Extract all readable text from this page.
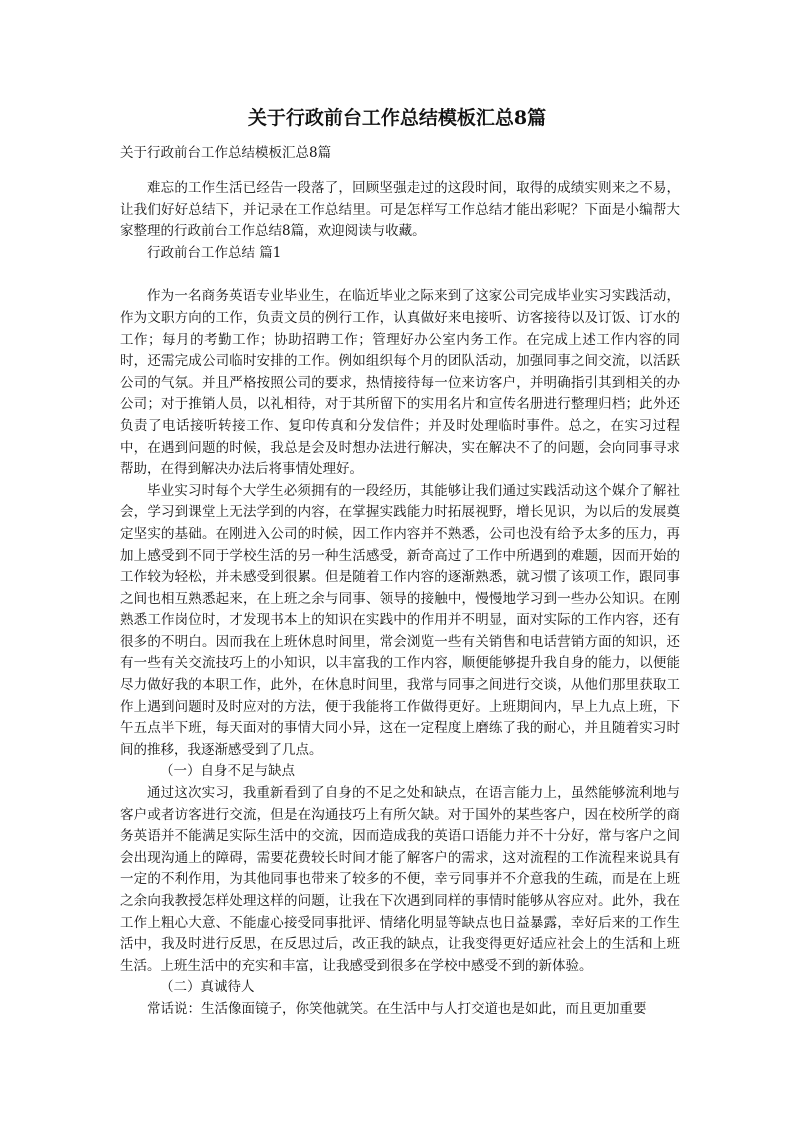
关于行政前台工作总结模板汇总8篇

关于行政前台工作总结模板汇总8篇

难忘的工作生活已经告一段落了，回顾坚强走过的这段时间，取得的成绩实则来之不易，让我们好好总结下，并记录在工作总结里。可是怎样写工作总结才能出彩呢？下面是小编帮大家整理的行政前台工作总结8篇，欢迎阅读与收藏。

行政前台工作总结 篇1

作为一名商务英语专业毕业生，在临近毕业之际来到了这家公司完成毕业实习实践活动，作为文职方向的工作，负责文员的例行工作，认真做好来电接听、访客接待以及订饭、订水的工作；每月的考勤工作；协助招聘工作；管理好办公室内务工作。在完成上述工作内容的同时，还需完成公司临时安排的工作。例如组织每个月的团队活动，加强同事之间交流，以活跃公司的气氛。并且严格按照公司的要求，热情接待每一位来访客户，并明确指引其到相关的办公司；对于推销人员，以礼相待，对于其所留下的实用名片和宣传名册进行整理归档；此外还负责了电话接听转接工作、复印传真和分发信件；并及时处理临时事件。总之，在实习过程中，在遇到问题的时候，我总是会及时想办法进行解决，实在解决不了的问题，会向同事寻求帮助，在得到解决办法后将事情处理好。

毕业实习时每个大学生必须拥有的一段经历，其能够让我们通过实践活动这个媒介了解社会，学习到课堂上无法学到的内容，在掌握实践能力时拓展视野，增长见识，为以后的发展奠定坚实的基础。在刚进入公司的时候，因工作内容并不熟悉，公司也没有给予太多的压力，再加上感受到不同于学校生活的另一种生活感受，新奇高过了工作中所遇到的难题，因而开始的工作较为轻松，并未感受到很累。但是随着工作内容的逐渐熟悉，就习惯了该项工作，跟同事之间也相互熟悉起来，在上班之余与同事、领导的接触中，慢慢地学习到一些办公知识。在刚熟悉工作岗位时，才发现书本上的知识在实践中的作用并不明显，面对实际的工作内容，还有很多的不明白。因而我在上班休息时间里，常会浏览一些有关销售和电话营销方面的知识，还有一些有关交流技巧上的小知识，以丰富我的工作内容，顺便能够提升我自身的能力，以便能尽力做好我的本职工作，此外，在休息时间里，我常与同事之间进行交谈，从他们那里获取工作上遇到问题时及时应对的方法，便于我能将工作做得更好。上班期间内，早上九点上班，下午五点半下班，每天面对的事情大同小异，这在一定程度上磨练了我的耐心，并且随着实习时间的推移，我逐渐感受到了几点。

（一）自身不足与缺点

通过这次实习，我重新看到了自身的不足之处和缺点，在语言能力上，虽然能够流利地与客户或者访客进行交流，但是在沟通技巧上有所欠缺。对于国外的某些客户，因在校所学的商务英语并不能满足实际生活中的交流，因而造成我的英语口语能力并不十分好，常与客户之间会出现沟通上的障碍，需要花费较长时间才能了解客户的需求，这对流程的工作流程来说具有一定的不利作用，为其他同事也带来了较多的不便，幸亏同事并不介意我的生疏，而是在上班之余向我教授怎样处理这样的问题，让我在下次遇到同样的事情时能够从容应对。此外，我在工作上粗心大意、不能虚心接受同事批评、情绪化明显等缺点也日益暴露，幸好后来的工作生活中，我及时进行反思，在反思过后，改正我的缺点，让我变得更好适应社会上的生活和上班生活。上班生活中的充实和丰富，让我感受到很多在学校中感受不到的新体验。

（二）真诚待人

常话说：生活像面镜子，你笑他就笑。在生活中与人打交道也是如此，而且更加重要
